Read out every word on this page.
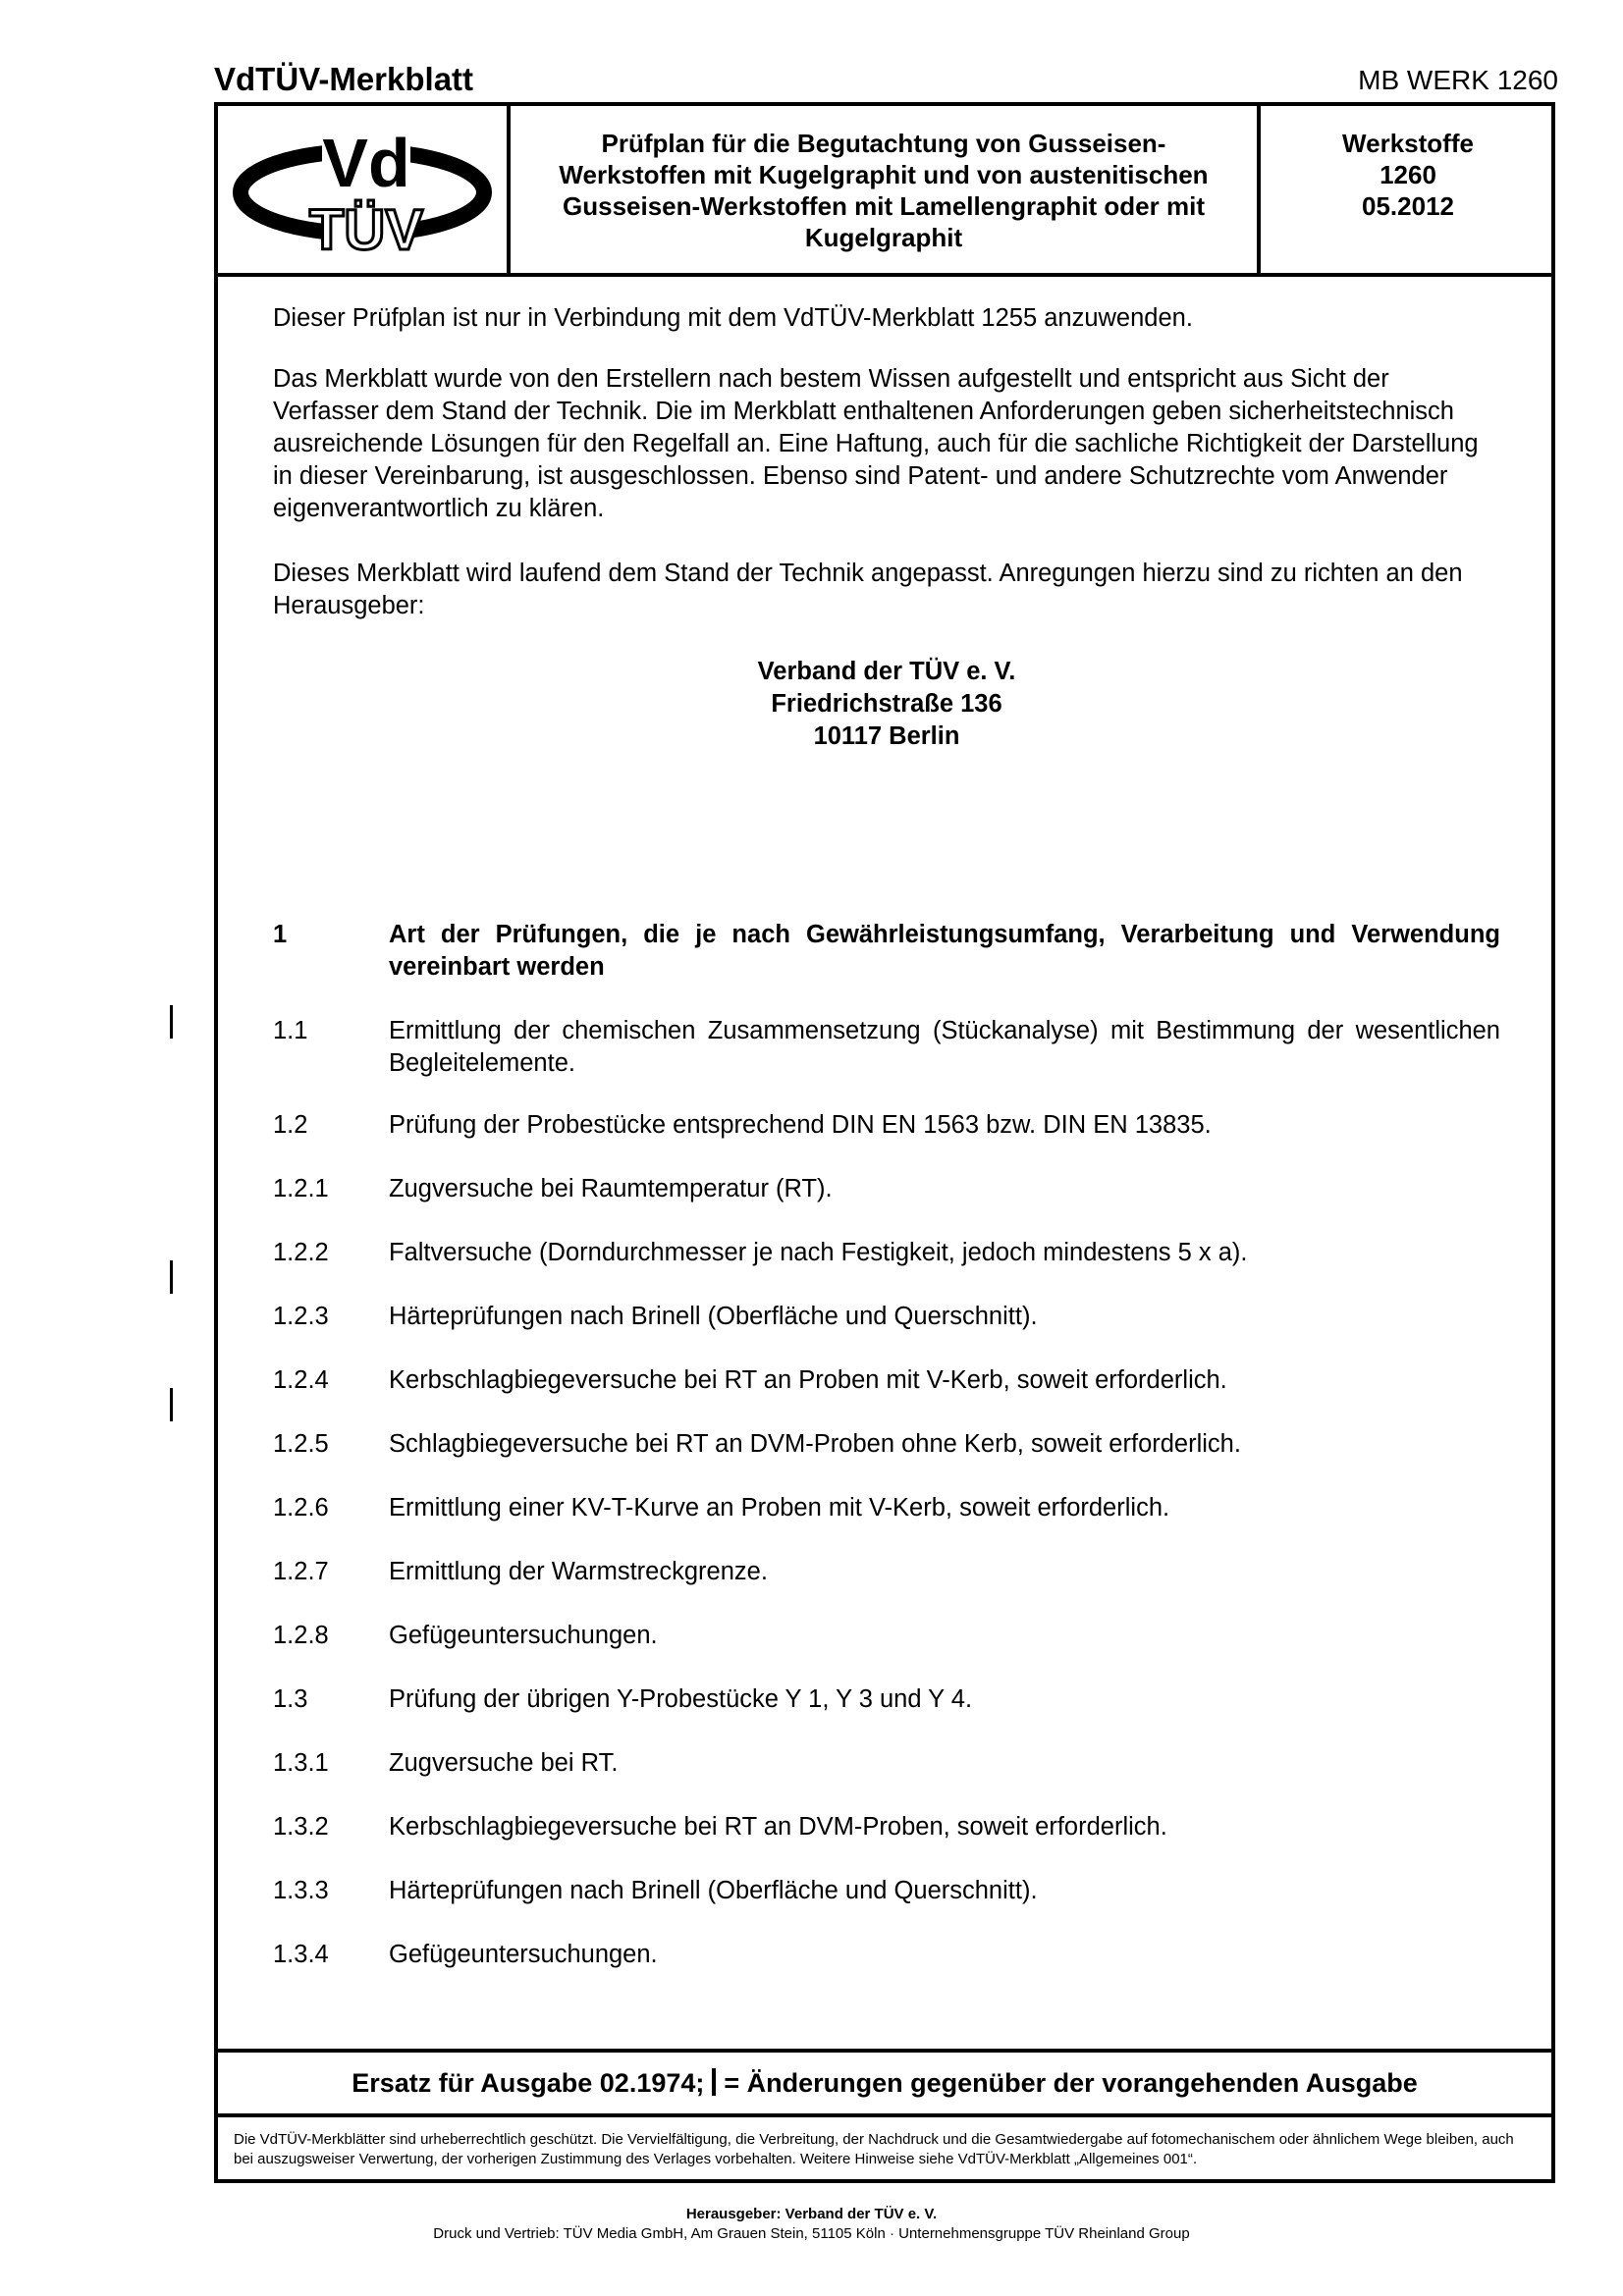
VdTÜV-Merkblatt	MB WERK 1260
Vd
TÜV
Prüfplan für die Begutachtung von Gusseisen-
Werkstoffen mit Kugelgraphit und von austenitischen
Gusseisen-Werkstoffen mit Lamellengraphit oder mit
Kugelgraphit
Werkstoffe
1260
05.2012

Dieser Prüfplan ist nur in Verbindung mit dem VdTÜV-Merkblatt 1255 anzuwenden.

Das Merkblatt wurde von den Erstellern nach bestem Wissen aufgestellt und entspricht aus Sicht der Verfasser dem Stand der Technik. Die im Merkblatt enthaltenen Anforderungen geben sicherheitstechnisch ausreichende Lösungen für den Regelfall an. Eine Haftung, auch für die sachliche Richtigkeit der Darstellung in dieser Vereinbarung, ist ausgeschlossen. Ebenso sind Patent- und andere Schutzrechte vom Anwender eigenverantwortlich zu klären.

Dieses Merkblatt wird laufend dem Stand der Technik angepasst. Anregungen hierzu sind zu richten an den Herausgeber:

Verband der TÜV e. V.
Friedrichstraße 136
10117 Berlin
1	Art der Prüfungen, die je nach Gewährleistungsumfang, Verarbeitung und Verwendung vereinbart werden
1.1	Ermittlung der chemischen Zusammensetzung (Stückanalyse) mit Bestimmung der wesentlichen Begleitelemente.
1.2	Prüfung der Probestücke entsprechend DIN EN 1563 bzw. DIN EN 13835.
1.2.1 Zugversuche bei Raumtemperatur (RT).
1.2.2 Faltversuche (Dorndurchmesser je nach Festigkeit, jedoch mindestens 5 x a).
1.2.3 Härteprüfungen nach Brinell (Oberfläche und Querschnitt).
1.2.4 Kerbschlagbiegeversuche bei RT an Proben mit V-Kerb, soweit erforderlich.
1.2.5 Schlagbiegeversuche bei RT an DVM-Proben ohne Kerb, soweit erforderlich.
1.2.6 Ermittlung einer KV-T-Kurve an Proben mit V-Kerb, soweit erforderlich.
1.2.7 Ermittlung der Warmstreckgrenze.
1.2.8 Gefügeuntersuchungen.
1.3	Prüfung der übrigen Y-Probestücke Y 1, Y 3 und Y 4.
1.3.1 Zugversuche bei RT.
1.3.2 Kerbschlagbiegeversuche bei RT an DVM-Proben, soweit erforderlich.
1.3.3 Härteprüfungen nach Brinell (Oberfläche und Querschnitt).
1.3.4 Gefügeuntersuchungen.
Ersatz für Ausgabe 02.1974; = Änderungen gegenüber der vorangehenden Ausgabe
Die VdTÜV-Merkblätter sind urheberrechtlich geschützt. Die Vervielfältigung, die Verbreitung, der Nachdruck und die Gesamtwiedergabe auf fotomechanischem oder ähnlichem Wege bleiben, auch bei auszugsweiser Verwertung, der vorherigen Zustimmung des Verlages vorbehalten. Weitere Hinweise siehe VdTÜV-Merkblatt „Allgemeines 001“.
Herausgeber: Verband der TÜV e. V.
Druck und Vertrieb: TÜV Media GmbH, Am Grauen Stein, 51105 Köln · Unternehmensgruppe TÜV Rheinland Group
